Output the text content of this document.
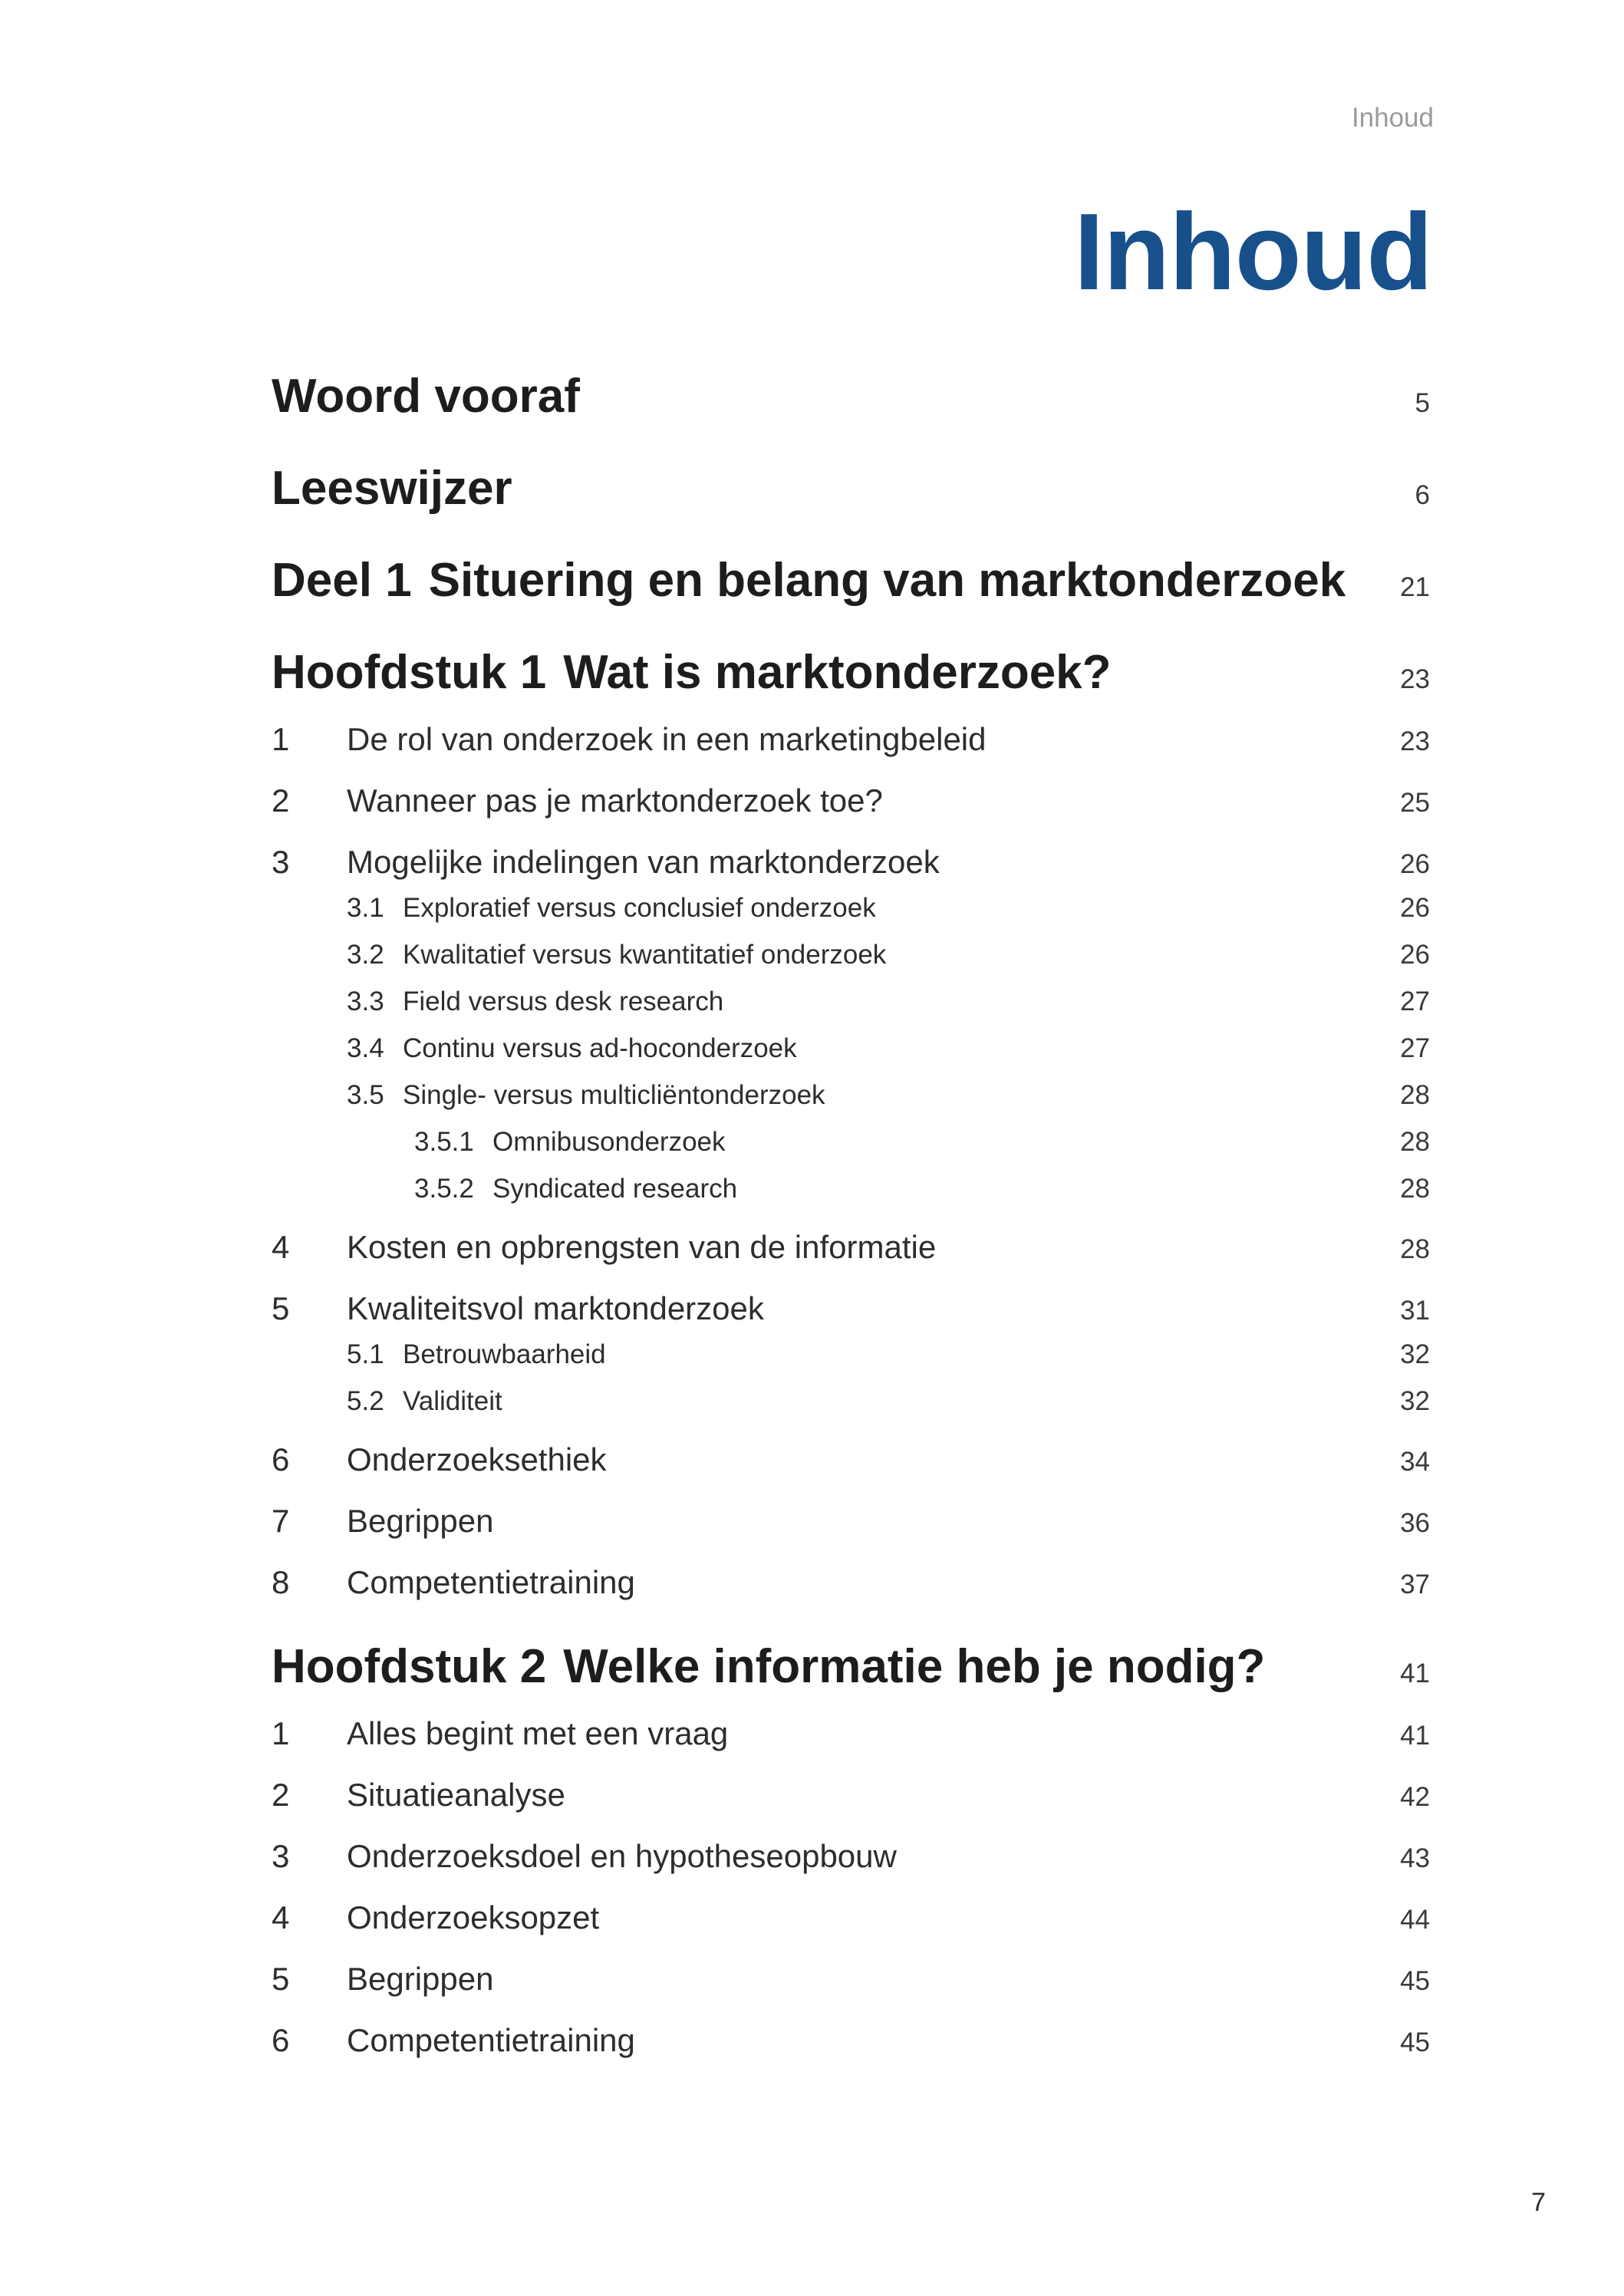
Inhoud
Inhoud
Woord vooraf	5
Leeswijzer	6
Deel 1 Situering en belang van marktonderzoek	21
Hoofdstuk 1 Wat is marktonderzoek?	23
1	De rol van onderzoek in een marketingbeleid	23
2	Wanneer pas je marktonderzoek toe?	25
3	Mogelijke indelingen van marktonderzoek	26
3.1 Exploratief versus conclusief onderzoek	26
3.2 Kwalitatief versus kwantitatief onderzoek	26
3.3 Field versus desk research	27
3.4 Continu versus ad-hoconderzoek	27
3.5 Single- versus multicliëntonderzoek	28
3.5.1 Omnibusonderzoek	28
3.5.2 Syndicated research	28
4	Kosten en opbrengsten van de informatie	28
5	Kwaliteitsvol marktonderzoek	31
5.1 Betrouwbaarheid	32
5.2 Validiteit	32
6	Onderzoeksethiek	34
7	Begrippen	36
8	Competentietraining	37
Hoofdstuk 2 Welke informatie heb je nodig?	41
1	Alles begint met een vraag	41
2	Situatieanalyse	42
3	Onderzoeksdoel en hypotheseopbouw	43
4	Onderzoeksopzet	44
5	Begrippen	45
6	Competentietraining	45
7
